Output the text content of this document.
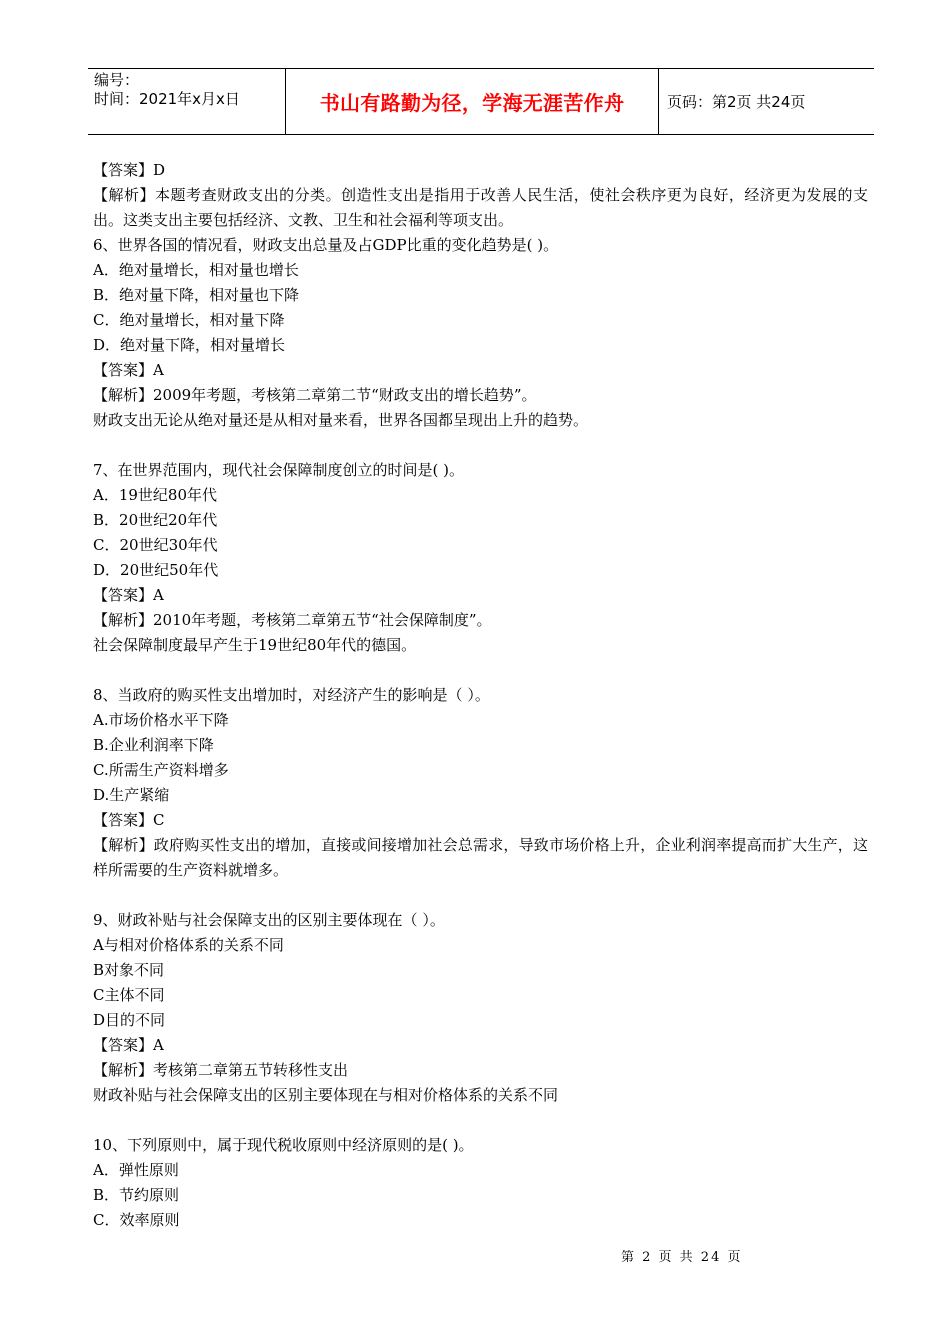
编号：
时间：2021年x月x日	书山有路勤为径，学海无涯苦作舟	页码：第2页 共24页
【答案】D
【解析】本题考查财政支出的分类。创造性支出是指用于改善人民生活，使社会秩序更为良好，经济更为发展的支出。这类支出主要包括经济、文教、卫生和社会福利等项支出。
6、世界各国的情况看，财政支出总量及占GDP比重的变化趋势是( )。
A．绝对量增长，相对量也增长
B．绝对量下降，相对量也下降
C．绝对量增长，相对量下降
D．绝对量下降，相对量增长
【答案】A
【解析】2009年考题，考核第二章第二节“财政支出的增长趋势”。
财政支出无论从绝对量还是从相对量来看，世界各国都呈现出上升的趋势。
7、在世界范围内，现代社会保障制度创立的时间是( )。
A．19世纪80年代
B．20世纪20年代
C．20世纪30年代
D．20世纪50年代
【答案】A
【解析】2010年考题，考核第二章第五节“社会保障制度”。
社会保障制度最早产生于19世纪80年代的德国。
8、当政府的购买性支出增加时，对经济产生的影响是（ ）。
A.市场价格水平下降
B.企业利润率下降
C.所需生产资料增多
D.生产紧缩
【答案】C
【解析】政府购买性支出的增加，直接或间接增加社会总需求，导致市场价格上升，企业利润率提高而扩大生产，这样所需要的生产资料就增多。
9、财政补贴与社会保障支出的区别主要体现在（ ）。
A与相对价格体系的关系不同
B对象不同
C主体不同
D目的不同
【答案】A
【解析】考核第二章第五节转移性支出
财政补贴与社会保障支出的区别主要体现在与相对价格体系的关系不同
10、下列原则中，属于现代税收原则中经济原则的是( )。
A．弹性原则
B．节约原则
C．效率原则
第 2 页 共 24 页
